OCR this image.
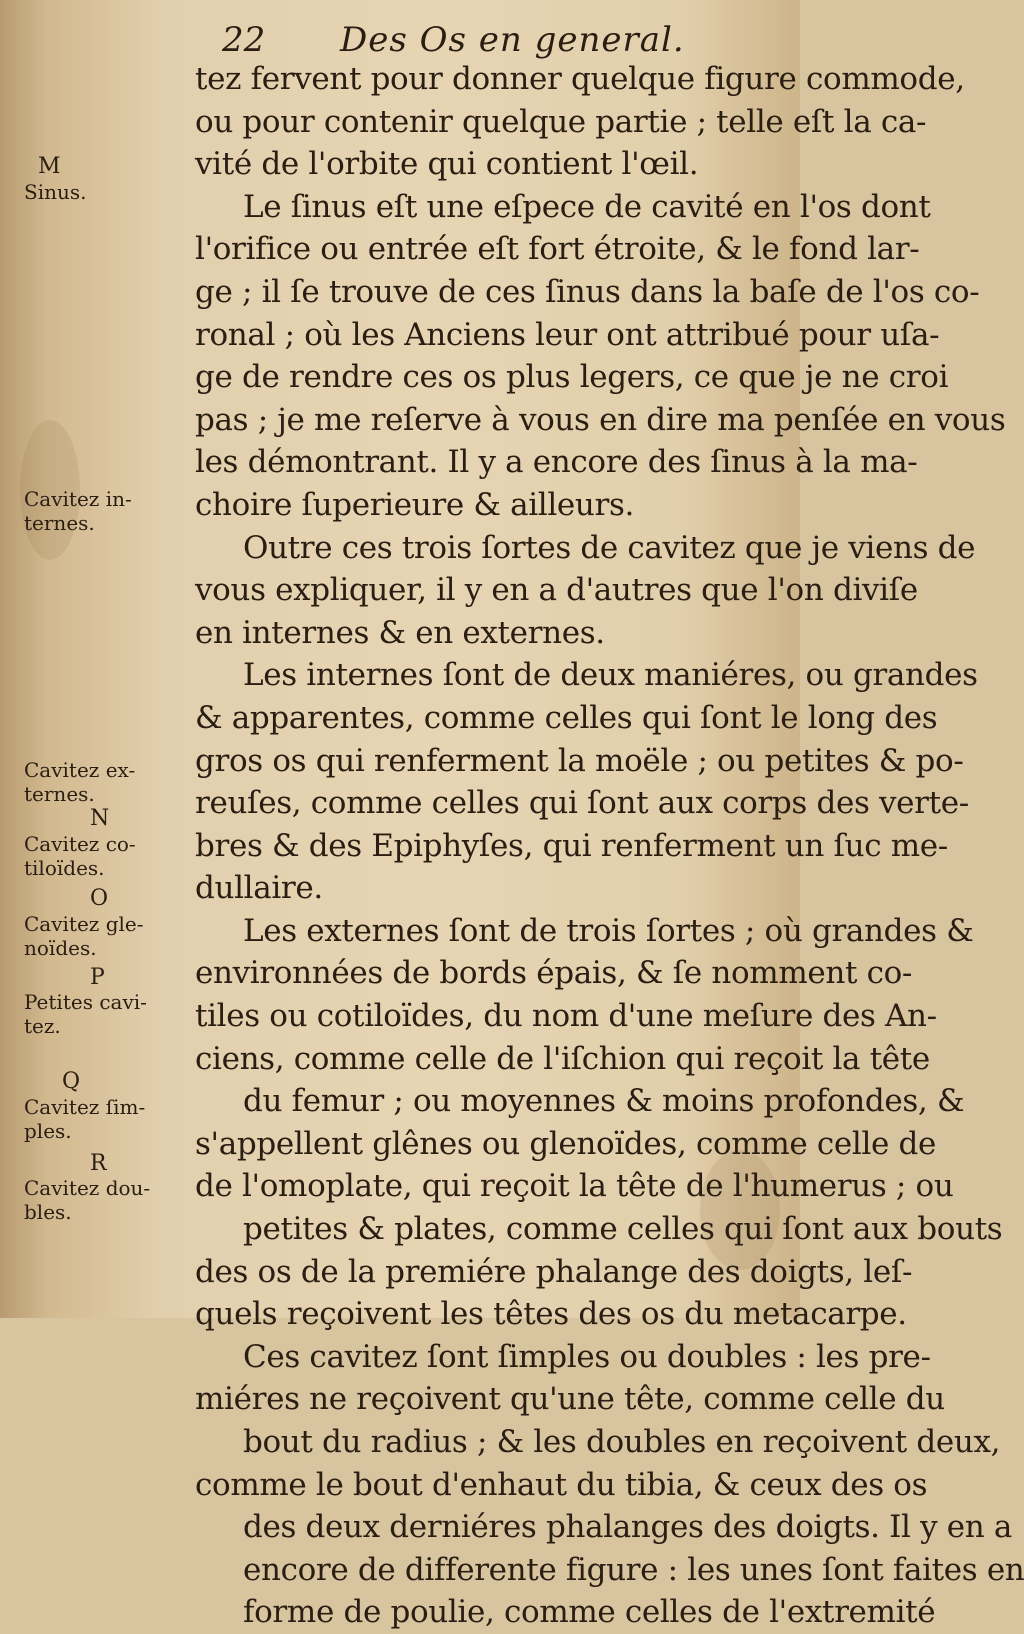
22 Des Os en general.
M
Sinus.
Cavitez in-
ternes.
Cavitez ex-
ternes.
N
Cavitez co-
tiloïdes.
O
Cavitez gle-
noïdes.
P
Petites cavi-
tez.
Q
Cavitez ſim-
ples.
R
Cavitez dou-
bles.
tez fervent pour donner quelque figure commode,
ou pour contenir quelque partie ; telle eſt la ca-
vité de l'orbite qui contient l'œil.
Le ſinus eſt une eſpece de cavité en l'os dont
l'orifice ou entrée eſt fort étroite, & le fond lar-
ge ; il ſe trouve de ces ſinus dans la baſe de l'os co-
ronal ; où les Anciens leur ont attribué pour uſa-
ge de rendre ces os plus legers, ce que je ne croi
pas ; je me reſerve à vous en dire ma penſée en vous
les démontrant. Il y a encore des ſinus à la ma-
choire ſuperieure & ailleurs.
Outre ces trois ſortes de cavitez que je viens de
vous expliquer, il y en a d'autres que l'on diviſe
en internes & en externes.
Les internes ſont de deux maniéres, ou grandes
& apparentes, comme celles qui ſont le long des
gros os qui renferment la moële ; ou petites & po-
reuſes, comme celles qui ſont aux corps des verte-
bres & des Epiphyſes, qui renferment un ſuc me-
dullaire.
Les externes ſont de trois ſortes ; où grandes &
environnées de bords épais, & ſe nomment co-
tiles ou cotiloïdes, du nom d'une meſure des An-
ciens, comme celle de l'iſchion qui reçoit la tête
du femur ; ou moyennes & moins profondes, &
s'appellent glênes ou glenoïdes, comme celle de
de l'omoplate, qui reçoit la tête de l'humerus ; ou
petites & plates, comme celles qui ſont aux bouts
des os de la premiére phalange des doigts, leſ-
quels reçoivent les têtes des os du metacarpe.
Ces cavitez ſont ſimples ou doubles : les pre-
miéres ne reçoivent qu'une tête, comme celle du
bout du radius ; & les doubles en reçoivent deux,
comme le bout d'enhaut du tibia, & ceux des os
des deux derniéres phalanges des doigts. Il y en a
encore de differente figure : les unes ſont faites en
forme de poulie, comme celles de l'extremité
